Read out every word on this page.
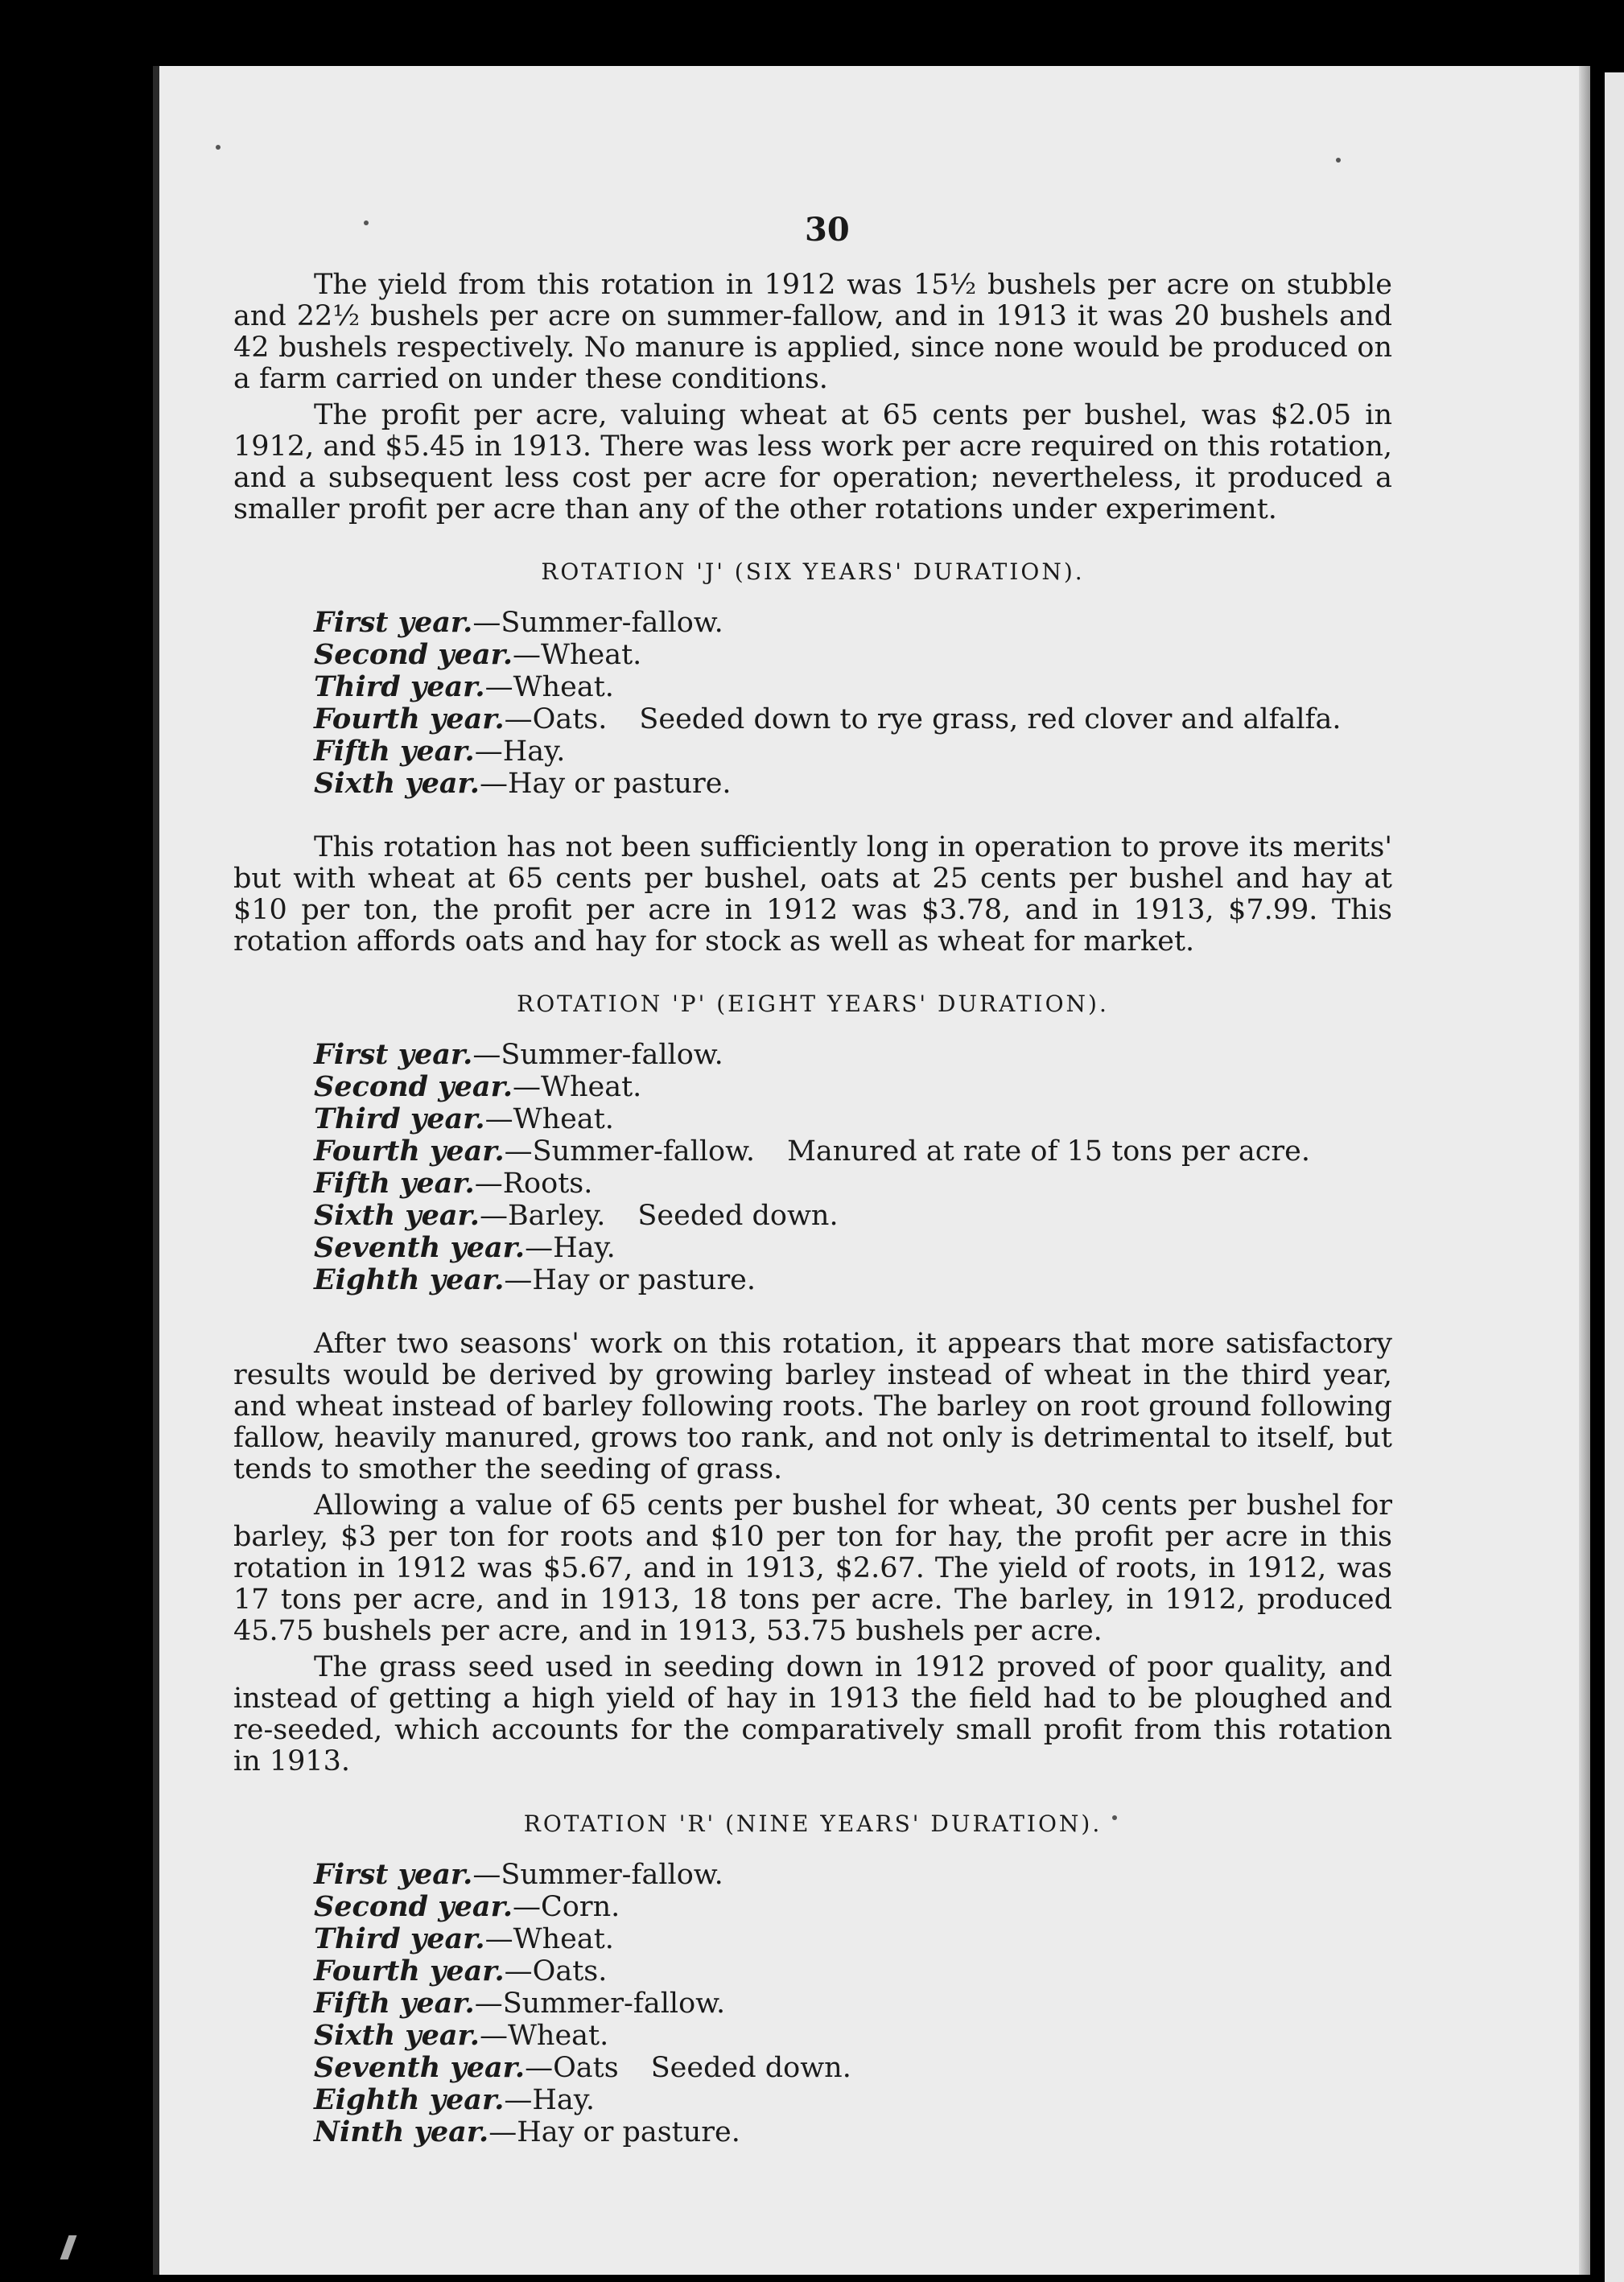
30

The yield from this rotation in 1912 was 15½ bushels per acre on stubble and 22½ bushels per acre on summer-fallow, and in 1913 it was 20 bushels and 42 bushels respectively. No manure is applied, since none would be produced on a farm carried on under these conditions.

The profit per acre, valuing wheat at 65 cents per bushel, was $2.05 in 1912, and $5.45 in 1913. There was less work per acre required on this rotation, and a subsequent less cost per acre for operation; nevertheless, it produced a smaller profit per acre than any of the other rotations under experiment.

ROTATION 'J' (SIX YEARS' DURATION).
First year.—Summer-fallow.
Second year.—Wheat.
Third year.—Wheat.
Fourth year.—Oats. Seeded down to rye grass, red clover and alfalfa.
Fifth year.—Hay.
Sixth year.—Hay or pasture.

This rotation has not been sufficiently long in operation to prove its merits' but with wheat at 65 cents per bushel, oats at 25 cents per bushel and hay at $10 per ton, the profit per acre in 1912 was $3.78, and in 1913, $7.99. This rotation affords oats and hay for stock as well as wheat for market.

ROTATION 'P' (EIGHT YEARS' DURATION).
First year.—Summer-fallow.
Second year.—Wheat.
Third year.—Wheat.
Fourth year.—Summer-fallow. Manured at rate of 15 tons per acre.
Fifth year.—Roots.
Sixth year.—Barley. Seeded down.
Seventh year.—Hay.
Eighth year.—Hay or pasture.

After two seasons' work on this rotation, it appears that more satisfactory results would be derived by growing barley instead of wheat in the third year, and wheat instead of barley following roots. The barley on root ground following fallow, heavily manured, grows too rank, and not only is detrimental to itself, but tends to smother the seeding of grass.

Allowing a value of 65 cents per bushel for wheat, 30 cents per bushel for barley, $3 per ton for roots and $10 per ton for hay, the profit per acre in this rotation in 1912 was $5.67, and in 1913, $2.67. The yield of roots, in 1912, was 17 tons per acre, and in 1913, 18 tons per acre. The barley, in 1912, produced 45.75 bushels per acre, and in 1913, 53.75 bushels per acre.

The grass seed used in seeding down in 1912 proved of poor quality, and instead of getting a high yield of hay in 1913 the field had to be ploughed and re-seeded, which accounts for the comparatively small profit from this rotation in 1913.

ROTATION 'R' (NINE YEARS' DURATION).
First year.—Summer-fallow.
Second year.—Corn.
Third year.—Wheat.
Fourth year.—Oats.
Fifth year.—Summer-fallow.
Sixth year.—Wheat.
Seventh year.—Oats Seeded down.
Eighth year.—Hay.
Ninth year.—Hay or pasture.
